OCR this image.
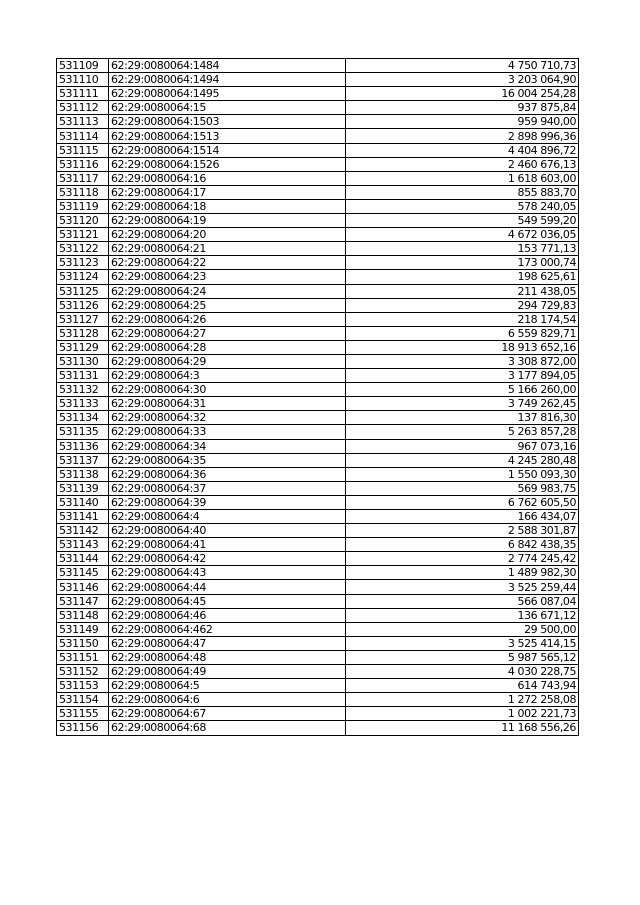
531109	62:29:0080064:1484	4 750 710,73
531110	62:29:0080064:1494	3 203 064,90
531111	62:29:0080064:1495	16 004 254,28
531112	62:29:0080064:15	937 875,84
531113	62:29:0080064:1503	959 940,00
531114	62:29:0080064:1513	2 898 996,36
531115	62:29:0080064:1514	4 404 896,72
531116	62:29:0080064:1526	2 460 676,13
531117	62:29:0080064:16	1 618 603,00
531118	62:29:0080064:17	855 883,70
531119	62:29:0080064:18	578 240,05
531120	62:29:0080064:19	549 599,20
531121	62:29:0080064:20	4 672 036,05
531122	62:29:0080064:21	153 771,13
531123	62:29:0080064:22	173 000,74
531124	62:29:0080064:23	198 625,61
531125	62:29:0080064:24	211 438,05
531126	62:29:0080064:25	294 729,83
531127	62:29:0080064:26	218 174,54
531128	62:29:0080064:27	6 559 829,71
531129	62:29:0080064:28	18 913 652,16
531130	62:29:0080064:29	3 308 872,00
531131	62:29:0080064:3	3 177 894,05
531132	62:29:0080064:30	5 166 260,00
531133	62:29:0080064:31	3 749 262,45
531134	62:29:0080064:32	137 816,30
531135	62:29:0080064:33	5 263 857,28
531136	62:29:0080064:34	967 073,16
531137	62:29:0080064:35	4 245 280,48
531138	62:29:0080064:36	1 550 093,30
531139	62:29:0080064:37	569 983,75
531140	62:29:0080064:39	6 762 605,50
531141	62:29:0080064:4	166 434,07
531142	62:29:0080064:40	2 588 301,87
531143	62:29:0080064:41	6 842 438,35
531144	62:29:0080064:42	2 774 245,42
531145	62:29:0080064:43	1 489 982,30
531146	62:29:0080064:44	3 525 259,44
531147	62:29:0080064:45	566 087,04
531148	62:29:0080064:46	136 671,12
531149	62:29:0080064:462	29 500,00
531150	62:29:0080064:47	3 525 414,15
531151	62:29:0080064:48	5 987 565,12
531152	62:29:0080064:49	4 030 228,75
531153	62:29:0080064:5	614 743,94
531154	62:29:0080064:6	1 272 258,08
531155	62:29:0080064:67	1 002 221,73
531156	62:29:0080064:68	11 168 556,26
